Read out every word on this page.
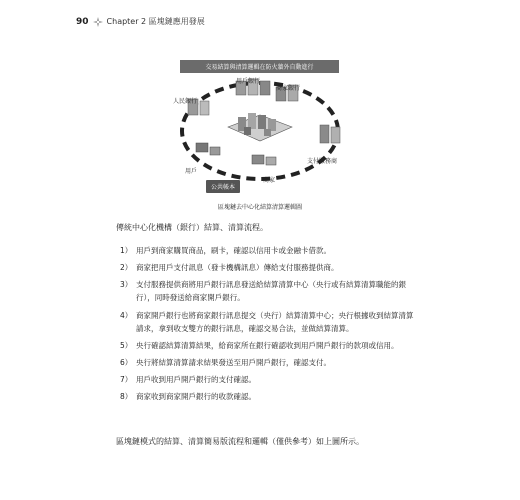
90 Chapter 2 區塊鏈應用發展
交易結算與清算邏輯在防火牆外自動進行
用戶銀行
商家銀行
人民銀行
支付服務商
用戶
商家
公共帳本
區塊鏈去中心化結算清算邏輯圖
傳統中心化機構（銀行）結算、清算流程。
1） 用戶到商家購買商品，刷卡，確認以信用卡或金融卡借款。
2） 商家把用戶支付訊息（發卡機構訊息）傳給支付服務提供商。
3） 支付服務提供商將用戶銀行訊息發送給結算清算中心（央行或有結算清算職能的銀行），同時發送給商家開戶銀行。
4） 商家開戶銀行也將商家銀行訊息提交（央行）結算清算中心；央行根據收到結算清算請求，拿到收支雙方的銀行訊息，確認交易合法，並做結算清算。
5） 央行確認結算清算結果，給商家所在銀行確認收到用戶開戶銀行的款項或信用。
6） 央行將結算清算請求結果發送至用戶開戶銀行，確認支付。
7） 用戶收到用戶開戶銀行的支付確認。
8） 商家收到商家開戶銀行的收款確認。
區塊鏈模式的結算、清算簡易版流程和邏輯（僅供參考）如上圖所示。
